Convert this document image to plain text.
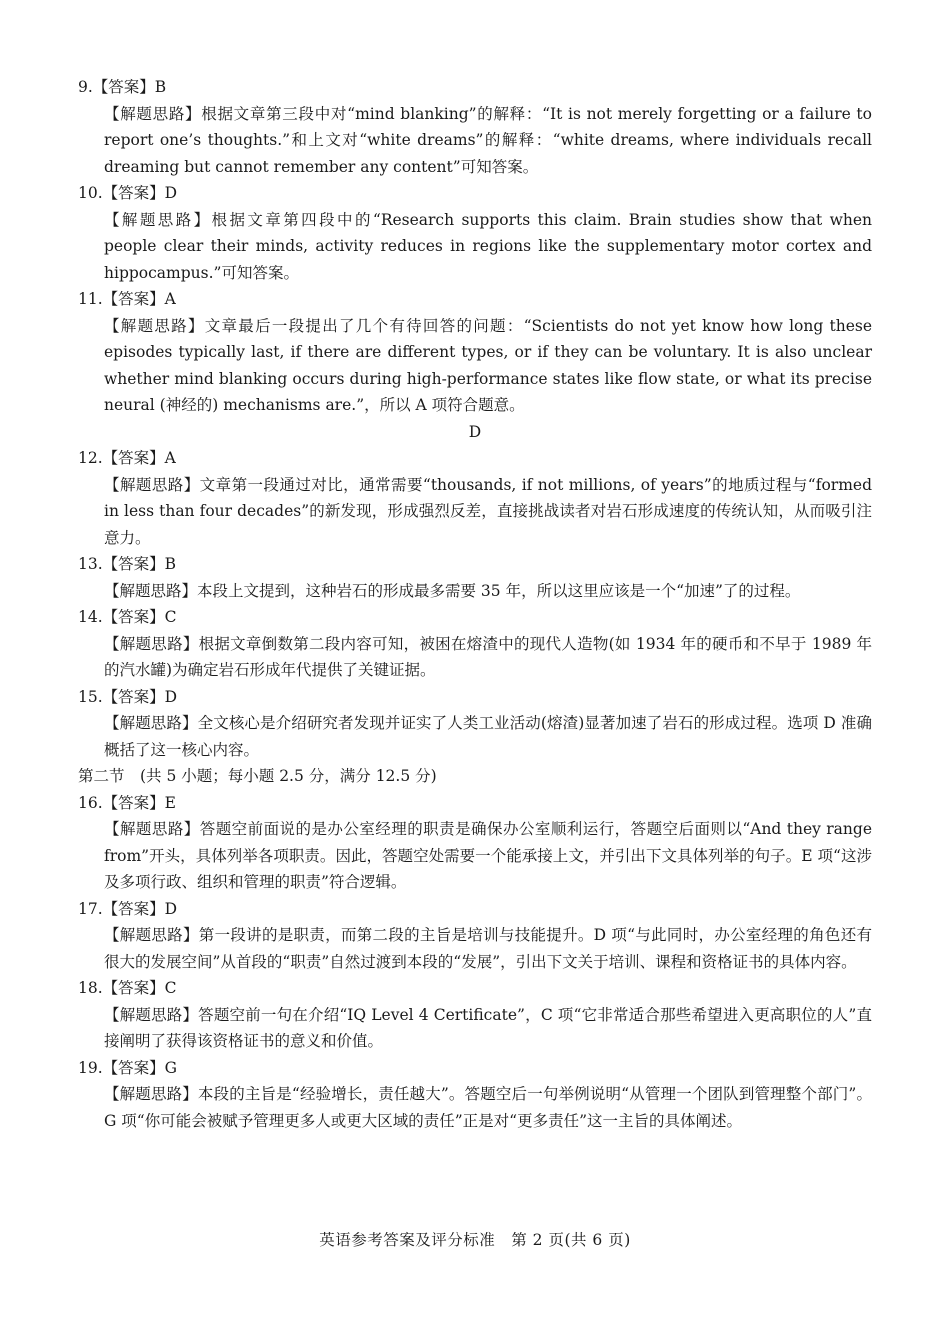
9.【答案】B

【解题思路】根据文章第三段中对“mind blanking”的解释：“It is not merely forgetting or a failure to report one’s thoughts.”和上文对“white dreams”的解释：“white dreams, where individuals recall dreaming but cannot remember any content”可知答案。

10.【答案】D

【解题思路】根据文章第四段中的“Research supports this claim. Brain studies show that when people clear their minds, activity reduces in regions like the supplementary motor cortex and hippocampus.”可知答案。

11.【答案】A

【解题思路】文章最后一段提出了几个有待回答的问题：“Scientists do not yet know how long these episodes typically last, if there are different types, or if they can be voluntary. It is also unclear whether mind blanking occurs during high-performance states like flow state, or what its precise neural (神经的) mechanisms are.”，所以 A 项符合题意。

D

12.【答案】A

【解题思路】文章第一段通过对比，通常需要“thousands, if not millions, of years”的地质过程与“formed in less than four decades”的新发现，形成强烈反差，直接挑战读者对岩石形成速度的传统认知，从而吸引注意力。

13.【答案】B

【解题思路】本段上文提到，这种岩石的形成最多需要 35 年，所以这里应该是一个“加速”了的过程。

14.【答案】C

【解题思路】根据文章倒数第二段内容可知，被困在熔渣中的现代人造物(如 1934 年的硬币和不早于 1989 年的汽水罐)为确定岩石形成年代提供了关键证据。

15.【答案】D

【解题思路】全文核心是介绍研究者发现并证实了人类工业活动(熔渣)显著加速了岩石的形成过程。选项 D 准确概括了这一核心内容。

第二节　(共 5 小题；每小题 2.5 分，满分 12.5 分)

16.【答案】E

【解题思路】答题空前面说的是办公室经理的职责是确保办公室顺利运行，答题空后面则以“And they range from”开头，具体列举各项职责。因此，答题空处需要一个能承接上文，并引出下文具体列举的句子。E 项“这涉及多项行政、组织和管理的职责”符合逻辑。

17.【答案】D

【解题思路】第一段讲的是职责，而第二段的主旨是培训与技能提升。D 项“与此同时，办公室经理的角色还有很大的发展空间”从首段的“职责”自然过渡到本段的“发展”，引出下文关于培训、课程和资格证书的具体内容。

18.【答案】C

【解题思路】答题空前一句在介绍“IQ Level 4 Certificate”，C 项“它非常适合那些希望进入更高职位的人”直接阐明了获得该资格证书的意义和价值。

19.【答案】G

【解题思路】本段的主旨是“经验增长，责任越大”。答题空后一句举例说明“从管理一个团队到管理整个部门”。G 项“你可能会被赋予管理更多人或更大区域的责任”正是对“更多责任”这一主旨的具体阐述。

英语参考答案及评分标准　第 2 页(共 6 页)
